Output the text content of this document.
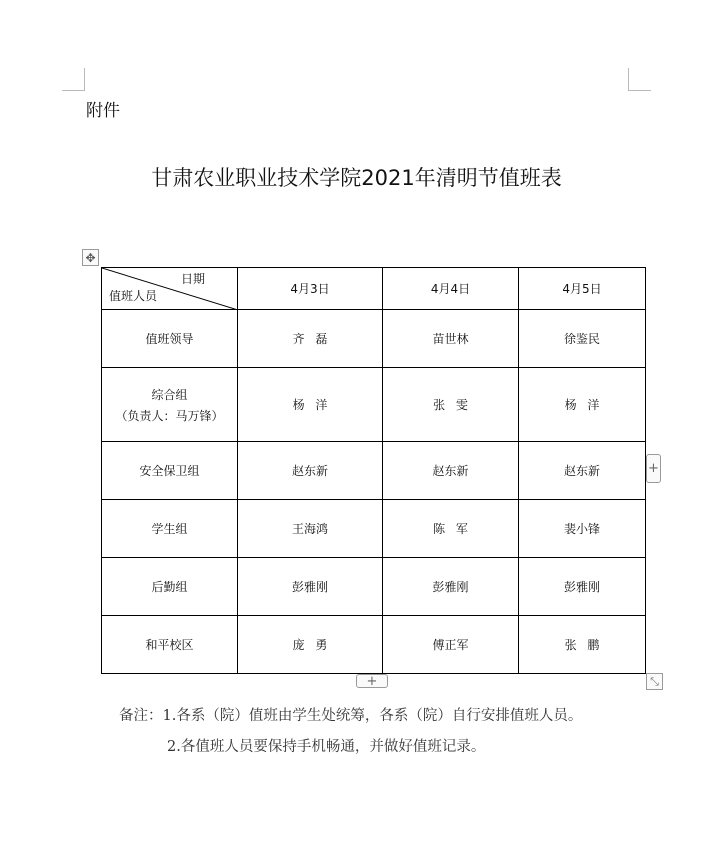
附件
甘肃农业职业技术学院2021年清明节值班表
✥
日期
值班人员	4月3日	4月4日	4月5日
值班领导	齐磊	苗世林	徐鉴民
综合组
（负责人：马万锋）	杨洋	张雯	杨洋
安全保卫组	赵东新	赵东新	赵东新
学生组	王海鸿	陈军	裴小锋
后勤组	彭雅刚	彭雅刚	彭雅刚
和平校区	庞勇	傅正军	张鹏
+
+	⤡
备注：1.各系（院）值班由学生处统筹，各系（院）自行安排值班人员。
2.各值班人员要保持手机畅通，并做好值班记录。
